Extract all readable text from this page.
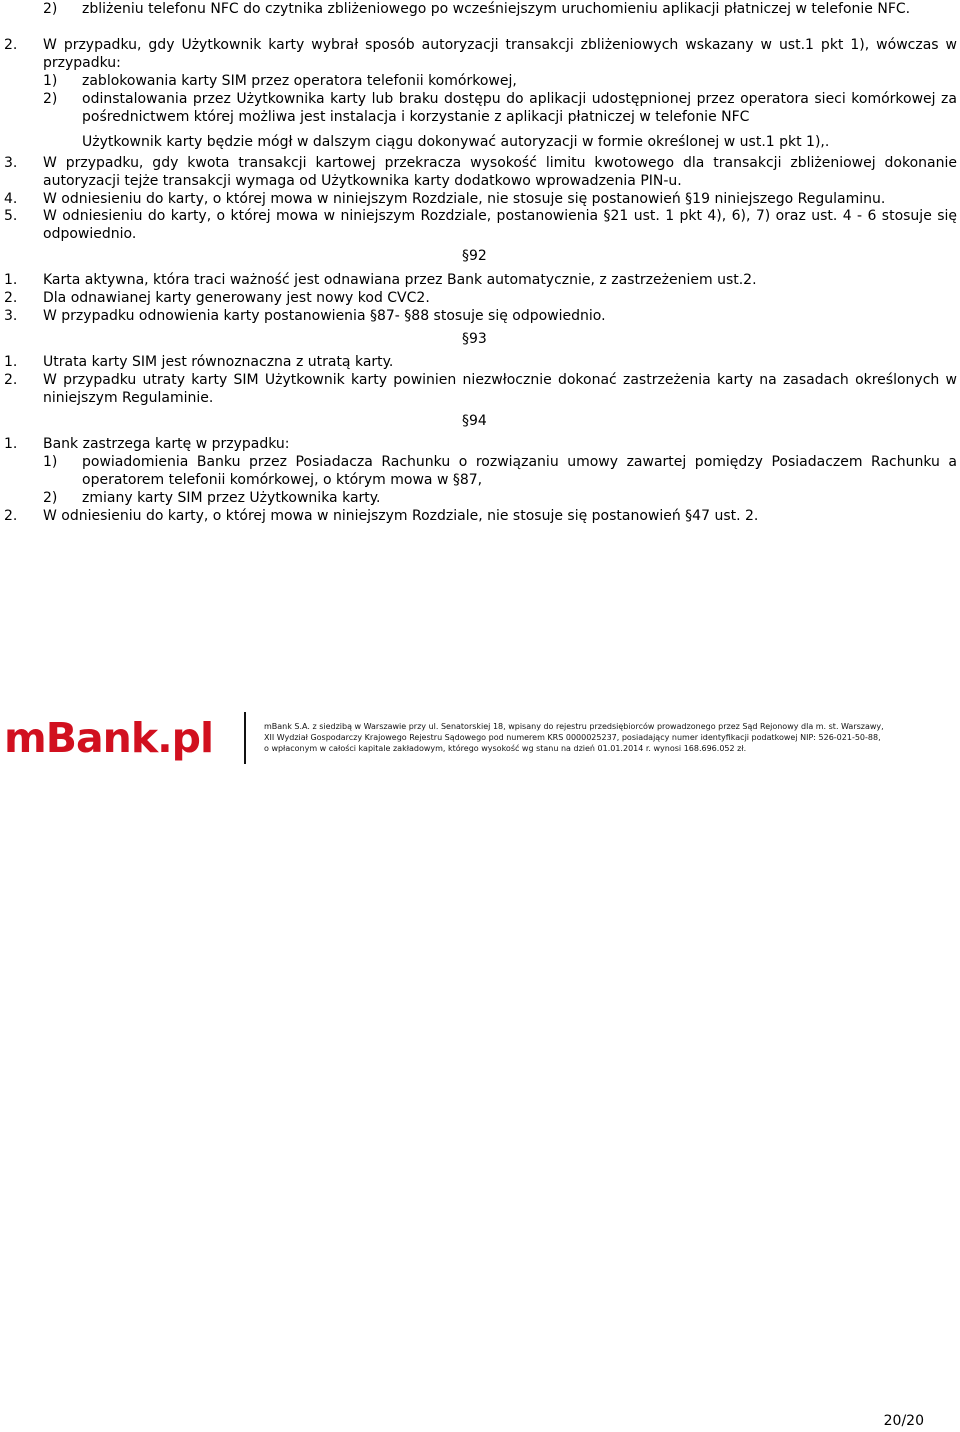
2) zbliżeniu telefonu NFC do czytnika zbliżeniowego po wcześniejszym uruchomieniu aplikacji płatniczej w telefonie NFC.
2. W przypadku, gdy Użytkownik karty wybrał sposób autoryzacji transakcji zbliżeniowych wskazany w ust.1 pkt 1), wówczas w przypadku:
1) zablokowania karty SIM przez operatora telefonii komórkowej,
2) odinstalowania przez Użytkownika karty lub braku dostępu do aplikacji udostępnionej przez operatora sieci komórkowej za pośrednictwem której możliwa jest instalacja i korzystanie z aplikacji płatniczej w telefonie NFC
Użytkownik karty będzie mógł w dalszym ciągu dokonywać autoryzacji w formie określonej w ust.1 pkt 1),.
3. W przypadku, gdy kwota transakcji kartowej przekracza wysokość limitu kwotowego dla transakcji zbliżeniowej dokonanie autoryzacji tejże transakcji wymaga od Użytkownika karty dodatkowo wprowadzenia PIN-u.
4. W odniesieniu do karty, o której mowa w niniejszym Rozdziale, nie stosuje się postanowień §19 niniejszego Regulaminu.
5. W odniesieniu do karty, o której mowa w niniejszym Rozdziale, postanowienia §21 ust. 1 pkt 4), 6), 7) oraz ust. 4 - 6 stosuje się odpowiednio.
§92
1. Karta aktywna, która traci ważność jest odnawiana przez Bank automatycznie, z zastrzeżeniem ust.2.
2. Dla odnawianej karty generowany jest nowy kod CVC2.
3. W przypadku odnowienia karty postanowienia §87- §88 stosuje się odpowiednio.
§93
1. Utrata karty SIM jest równoznaczna z utratą karty.
2. W przypadku utraty karty SIM Użytkownik karty powinien niezwłocznie dokonać zastrzeżenia karty na zasadach określonych w niniejszym Regulaminie.
§94
1. Bank zastrzega kartę w przypadku:
1) powiadomienia Banku przez Posiadacza Rachunku o rozwiązaniu umowy zawartej pomiędzy Posiadaczem Rachunku a operatorem telefonii komórkowej, o którym mowa w §87,
2) zmiany karty SIM przez Użytkownika karty.
2. W odniesieniu do karty, o której mowa w niniejszym Rozdziale, nie stosuje się postanowień §47 ust. 2.
mBank.pl	mBank S.A. z siedzibą w Warszawie przy ul. Senatorskiej 18, wpisany do rejestru przedsiębiorców prowadzonego przez Sąd Rejonowy dla m. st. Warszawy,
XII Wydział Gospodarczy Krajowego Rejestru Sądowego pod numerem KRS 0000025237, posiadający numer identyfikacji podatkowej NIP: 526-021-50-88,
o wpłaconym w całości kapitale zakładowym, którego wysokość wg stanu na dzień 01.01.2014 r. wynosi 168.696.052 zł.
20/20
